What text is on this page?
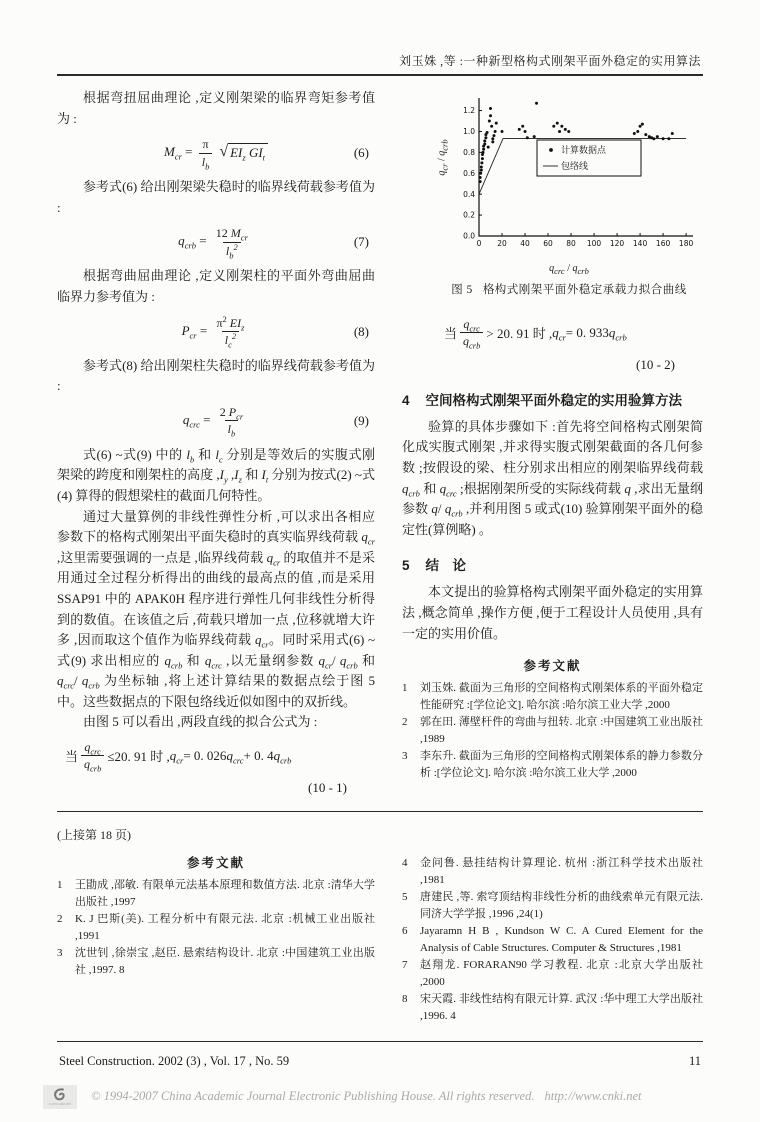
刘玉姝 ,等 :一种新型格构式刚架平面外稳定的实用算法

根据弯扭屈曲理论 ,定义刚架梁的临界弯矩参考值为 :

$M_{cr} = \frac{\pi}{l_b}$ √ $EI_z$ $GI_t$	(6)

参考式(6) 给出刚架梁失稳时的临界线荷载参考值为 :

$q_{crb} = \frac{12 M_{cr}}{l_b^2}$	(7)

根据弯曲屈曲理论 ,定义刚架柱的平面外弯曲屈曲临界力参考值为 :

$P_{cr} = \frac{\pi^2 EI_z}{l_c^2}$	(8)

参考式(8) 给出刚架柱失稳时的临界线荷载参考值为 :

$q_{crc} = \frac{2 P_{cr}}{l_b}$	(9)

式(6) ~式(9) 中的 $l_b$ 和 $l_c$ 分别是等效后的实腹式刚架梁的跨度和刚架柱的高度 $,I_y$ $,I_z$ 和 $I_t$ 分别为按式(2) ~式(4) 算得的假想梁柱的截面几何特性。

通过大量算例的非线性弹性分析 ,可以求出各相应参数下的格构式刚架出平面失稳时的真实临界线荷载 $q_{cr}$ ,这里需要强调的一点是 ,临界线荷载 $q_{cr}$ 的取值并不是采用通过全过程分析得出的曲线的最高点的值 ,而是采用 SSAP91 中的 APAK0H 程序进行弹性几何非线性分析得到的数值。在该值之后 ,荷载只增加一点 ,位移就增大许多 ,因而取这个值作为临界线荷载 $q_{cr}$。同时采用式(6) ~ 式(9) 求出相应的 $q_{crb}$ 和 $q_{crc}$ ,以无量纲参数 $q_{cr}/$ $q_{crb}$ 和 $q_{crc}/$ $q_{crb}$ 为坐标轴 ,将上述计算结果的数据点绘于图 5 中。这些数据点的下限包络线近似如图中的双折线。

由图 5 可以看出 ,两段直线的拟合公式为 :

当 $\frac{q_{crc}}{q_{crb}} \le 20$. 91 时 , $q_{cr} = 0$. 026 $q_{crc} + 0$. 4 $q_{crb}$
(10 - 1)
$q_{cr} / q_{crb}$
0 20 40 60 80 100 120 140 160 180
0.0
0.2
0.4
0.6
0.8
1.0
1.2
计算数据点
包络线
$q_{crc} / q_{crb}$
图 5 格构式刚架平面外稳定承载力拟合曲线
当 $\frac{q_{crc}}{q_{crb}} > 20$. 91 时 , $q_{cr} = 0$. 933 $q_{crb}$
(10 - 2)
4 空间格构式刚架平面外稳定的实用验算方法

验算的具体步骤如下 :首先将空间格构式刚架简化成实腹式刚架 ,并求得实腹式刚架截面的各几何参数 ;按假设的梁、柱分别求出相应的刚架临界线荷载 $q_{crb}$ 和 $q_{crc}$ ;根据刚架所受的实际线荷载 q ,求出无量纲参数 q/ $q_{crb}$ ,并利用图 5 或式(10) 验算刚架平面外的稳定性(算例略) 。

5 结　论

本文提出的验算格构式刚架平面外稳定的实用算法 ,概念简单 ,操作方便 ,便于工程设计人员使用 ,具有一定的实用价值。

参考文献
1	刘玉姝. 截面为三角形的空间格构式刚架体系的平面外稳定性能研究 :[学位论文]. 哈尔滨 :哈尔滨工业大学 ,2000
2	郭在田. 薄壁杆件的弯曲与扭转. 北京 :中国建筑工业出版社 ,1989
3	李东升. 截面为三角形的空间格构式刚架体系的静力参数分析 :[学位论文]. 哈尔滨 :哈尔滨工业大学 ,2000
(上接第 18 页)
参考文献
1	王勖成 ,邵敏. 有限单元法基本原理和数值方法. 北京 :清华大学出版社 ,1997
2	K. J 巴斯(美). 工程分析中有限元法. 北京 :机械工业出版社 ,1991
3	沈世钊 ,徐崇宝 ,赵臣. 悬索结构设计. 北京 :中国建筑工业出版社 ,1997. 8
4	金问鲁. 悬挂结构计算理论. 杭州 :浙江科学技术出版社 ,1981
5	唐建民 ,等. 索穹顶结构非线性分析的曲线索单元有限元法. 同济大学学报 ,1996 ,24(1)
6	Jayaramn H B , Kundson W C. A Cured Element for the Analysis of Cable Structures. Computer & Structures ,1981
7	赵翔龙. FORARAN90 学习教程. 北京 :北京大学出版社 ,2000
8	宋天霞. 非线性结构有限元计算. 武汉 :华中理工大学出版社 ,1996. 4
Steel Construction. 2002 (3) , Vol. 17 , No. 59	11
www.cnki.net © 1994-2007 China Academic Journal Electronic Publishing House. All rights reserved. http://www.cnki.net
